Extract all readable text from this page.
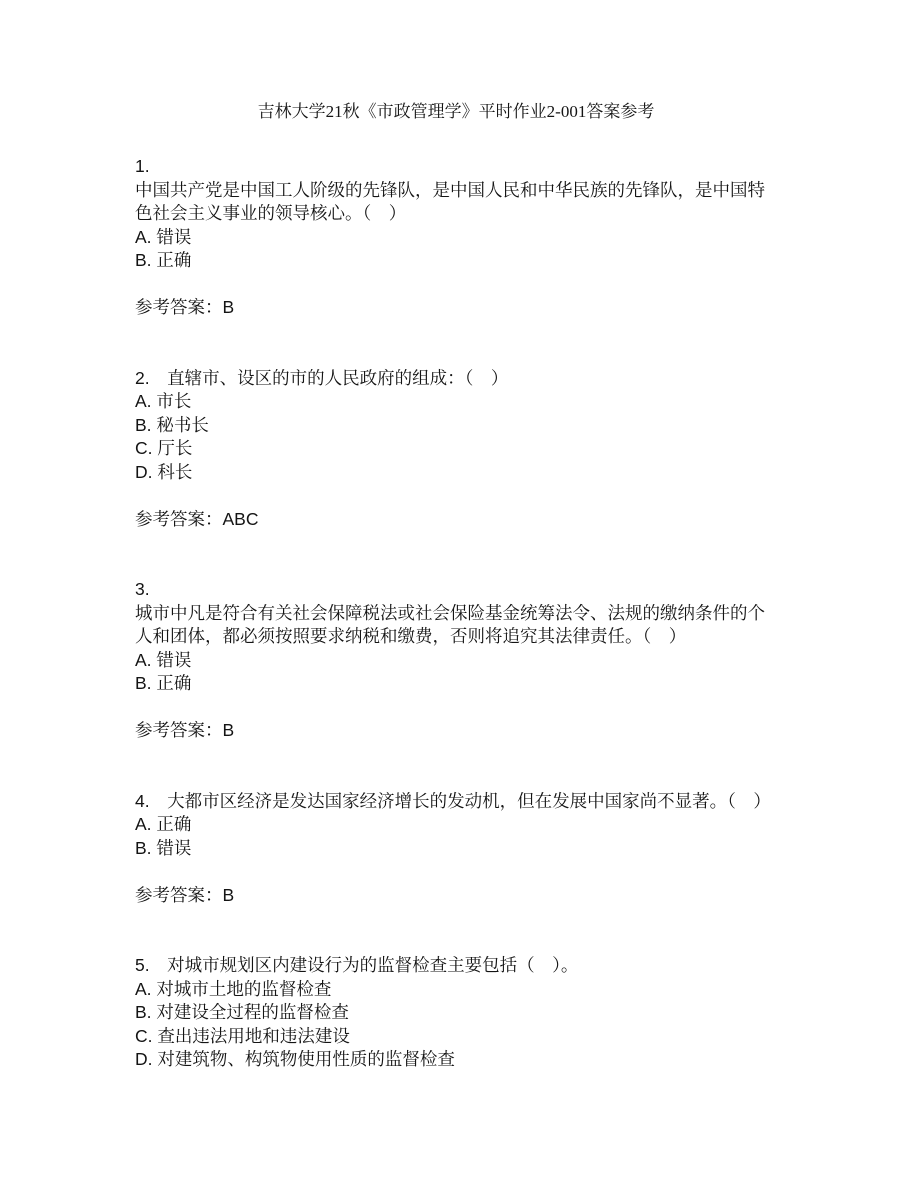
吉林大学21秋《市政管理学》平时作业2-001答案参考
1.
中国共产党是中国工人阶级的先锋队，是中国人民和中华民族的先锋队，是中国特色社会主义事业的领导核心。（　）
A. 错误
B. 正确
参考答案：B
2.  直辖市、设区的市的人民政府的组成：（　）
A. 市长
B. 秘书长
C. 厅长
D. 科长
参考答案：ABC
3.
城市中凡是符合有关社会保障税法或社会保险基金统筹法令、法规的缴纳条件的个人和团体，都必须按照要求纳税和缴费，否则将追究其法律责任。（　）
A. 错误
B. 正确
参考答案：B
4.  大都市区经济是发达国家经济增长的发动机，但在发展中国家尚不显著。（　）
A. 正确
B. 错误
参考答案：B
5.  对城市规划区内建设行为的监督检查主要包括（　）。
A. 对城市土地的监督检查
B. 对建设全过程的监督检查
C. 查出违法用地和违法建设
D. 对建筑物、构筑物使用性质的监督检查
